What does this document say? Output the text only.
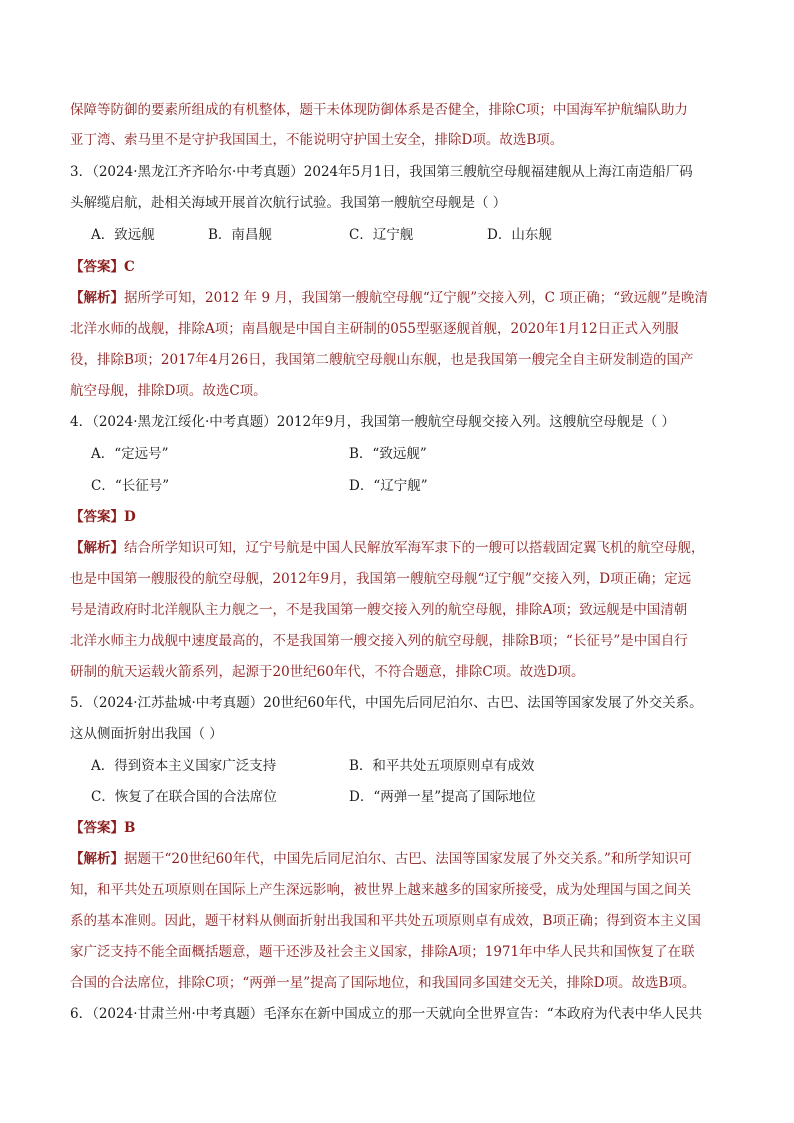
保障等防御的要素所组成的有机整体，题干未体现防御体系是否健全，排除C项；中国海军护航编队助力
亚丁湾、索马里不是守护我国国土，不能说明守护国土安全，排除D项。故选B项。
3．（2024·黑龙江齐齐哈尔·中考真题）2024年5月1日，我国第三艘航空母舰福建舰从上海江南造船厂码
头解缆启航，赴相关海域开展首次航行试验。我国第一艘航空母舰是（ ）
A．致远舰	B．南昌舰	C．辽宁舰	D．山东舰
【答案】C
【解析】据所学可知，2012 年 9 月，我国第一艘航空母舰“辽宁舰”交接入列，C 项正确；“致远舰”是晚清
北洋水师的战舰，排除A项；南昌舰是中国自主研制的055型驱逐舰首舰，2020年1月12日正式入列服
役，排除B项；2017年4月26日，我国第二艘航空母舰山东舰，也是我国第一艘完全自主研发制造的国产
航空母舰，排除D项。故选C项。
4．（2024·黑龙江绥化·中考真题）2012年9月，我国第一艘航空母舰交接入列。这艘航空母舰是（ ）
A．“定远号”	B．“致远舰”
C．“长征号”	D．“辽宁舰”
【答案】D
【解析】结合所学知识可知，辽宁号航是中国人民解放军海军隶下的一艘可以搭载固定翼飞机的航空母舰，
也是中国第一艘服役的航空母舰，2012年9月，我国第一艘航空母舰“辽宁舰”交接入列，D项正确；定远
号是清政府时北洋舰队主力舰之一，不是我国第一艘交接入列的航空母舰，排除A项；致远舰是中国清朝
北洋水师主力战舰中速度最高的，不是我国第一艘交接入列的航空母舰，排除B项；“长征号”是中国自行
研制的航天运载火箭系列，起源于20世纪60年代，不符合题意，排除C项。故选D项。
5．（2024·江苏盐城·中考真题）20世纪60年代，中国先后同尼泊尔、古巴、法国等国家发展了外交关系。
这从侧面折射出我国（ ）
A．得到资本主义国家广泛支持	B．和平共处五项原则卓有成效
C．恢复了在联合国的合法席位	D．“两弹一星”提高了国际地位
【答案】B
【解析】据题干“20世纪60年代，中国先后同尼泊尔、古巴、法国等国家发展了外交关系。”和所学知识可
知，和平共处五项原则在国际上产生深远影响，被世界上越来越多的国家所接受，成为处理国与国之间关
系的基本准则。因此，题干材料从侧面折射出我国和平共处五项原则卓有成效，B项正确；得到资本主义国
家广泛支持不能全面概括题意，题干还涉及社会主义国家，排除A项；1971年中华人民共和国恢复了在联
合国的合法席位，排除C项；“两弹一星”提高了国际地位，和我国同多国建交无关，排除D项。故选B项。
6．（2024·甘肃兰州·中考真题）毛泽东在新中国成立的那一天就向全世界宣告：“本政府为代表中华人民共
